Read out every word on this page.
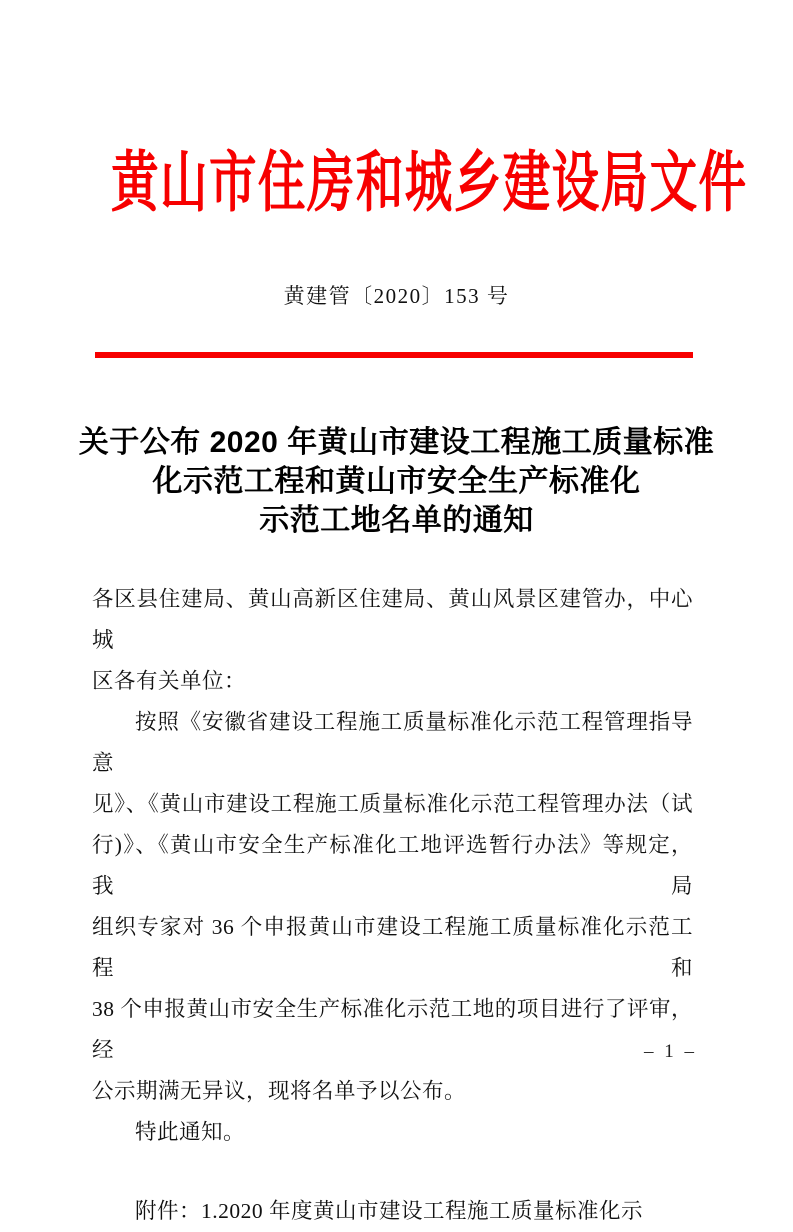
黄山市住房和城乡建设局文件
黄建管〔2020〕153 号
关于公布 2020 年黄山市建设工程施工质量标准
化示范工程和黄山市安全生产标准化
示范工地名单的通知
各区县住建局、黄山高新区住建局、黄山风景区建管办，中心城
区各有关单位：
按照《安徽省建设工程施工质量标准化示范工程管理指导意
见》、《黄山市建设工程施工质量标准化示范工程管理办法（试
行)》、《黄山市安全生产标准化工地评选暂行办法》等规定，我局
组织专家对 36 个申报黄山市建设工程施工质量标准化示范工程和
38 个申报黄山市安全生产标准化示范工地的项目进行了评审，经
公示期满无异议，现将名单予以公布。
特此通知。
附件：1.2020 年度黄山市建设工程施工质量标准化示
– 1 –
